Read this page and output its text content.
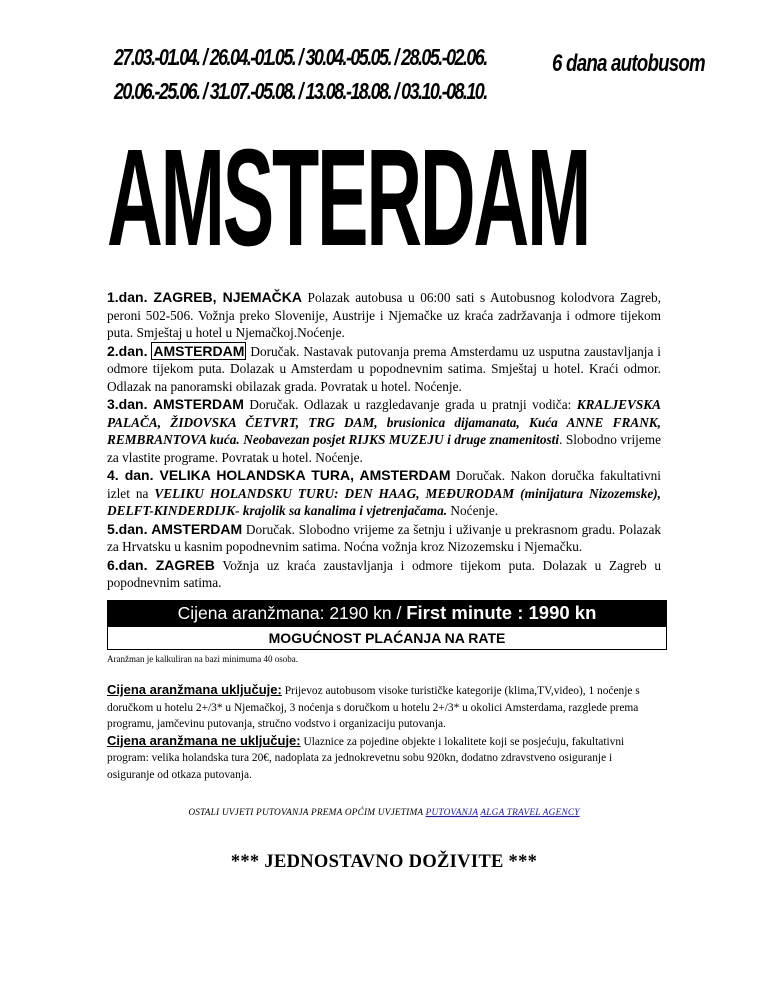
27.03.-01.04. / 26.04.-01.05. / 30.04.-05.05. / 28.05.-02.06.
20.06.-25.06. / 31.07.-05.08. / 13.08.-18.08. / 03.10.-08.10.
6 dana autobusom
AMSTERDAM

1.dan. ZAGREB, NJEMAČKA Polazak autobusa u 06:00 sati s Autobusnog kolodvora Zagreb, peroni 502-506. Vožnja preko Slovenije, Austrije i Njemačke uz kraća zadržavanja i odmore tijekom puta. Smještaj u hotel u Njemačkoj.Noćenje.

2.dan. AMSTERDAM Doručak. Nastavak putovanja prema Amsterdamu uz usputna zaustavljanja i odmore tijekom puta. Dolazak u Amsterdam u popodnevnim satima. Smještaj u hotel. Kraći odmor. Odlazak na panoramski obilazak grada. Povratak u hotel. Noćenje.

3.dan. AMSTERDAM Doručak. Odlazak u razgledavanje grada u pratnji vodiča: KRALJEVSKA PALAČA, ŽIDOVSKA ČETVRT, TRG DAM, brusionica dijamanata, Kuća ANNE FRANK, REMBRANTOVA kuća. Neobavezan posjet RIJKS MUZEJU i druge znamenitosti. Slobodno vrijeme za vlastite programe. Povratak u hotel. Noćenje.

4. dan. VELIKA HOLANDSKA TURA, AMSTERDAM Doručak. Nakon doručka fakultativni izlet na VELIKU HOLANDSKU TURU: DEN HAAG, MEĐURODAM (minijatura Nizozemske), DELFT-KINDERDIJK- krajolik sa kanalima i vjetrenjačama. Noćenje.

5.dan. AMSTERDAM Doručak. Slobodno vrijeme za šetnju i uživanje u prekrasnom gradu. Polazak za Hrvatsku u kasnim popodnevnim satima. Noćna vožnja kroz Nizozemsku i Njemačku.

6.dan. ZAGREB Vožnja uz kraća zaustavljanja i odmore tijekom puta. Dolazak u Zagreb u popodnevnim satima.

Cijena aranžmana: 2190 kn / First minute : 1990 kn
MOGUĆNOST PLAĆANJA NA RATE
Aranžman je kalkuliran na bazi minimuma 40 osoba.

Cijena aranžmana uključuje: Prijevoz autobusom visoke turističke kategorije (klima,TV,video), 1 noćenje s doručkom u hotelu 2+/3* u Njemačkoj, 3 noćenja s doručkom u hotelu 2+/3* u okolici Amsterdama, razglede prema programu, jamčevinu putovanja, stručno vodstvo i organizaciju putovanja.

Cijena aranžmana ne uključuje: Ulaznice za pojedine objekte i lokalitete koji se posjećuju, fakultativni program: velika holandska tura 20€, nadoplata za jednokrevetnu sobu 920kn, dodatno zdravstveno osiguranje i osiguranje od otkaza putovanja.

OSTALI UVJETI PUTOVANJA PREMA OPĆIM UVJETIMA PUTOVANJA ALGA TRAVEL AGENCY
*** JEDNOSTAVNO DOŽIVITE ***
